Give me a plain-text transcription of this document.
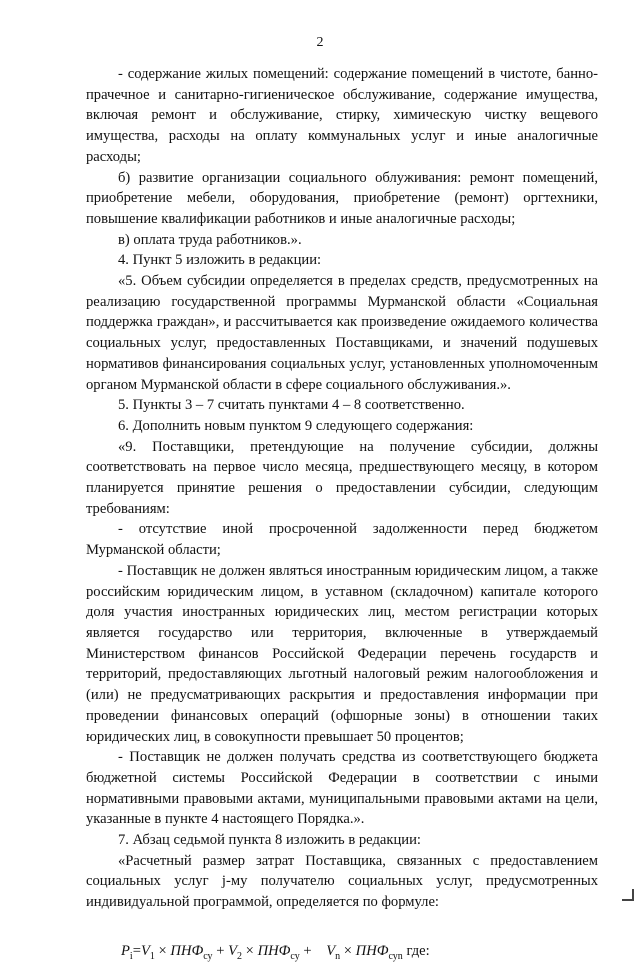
2

- содержание жилых помещений: содержание помещений в чистоте, банно-прачечное и санитарно-гигиеническое обслуживание, содержание имущества, включая ремонт и обслуживание, стирку, химическую чистку вещевого имущества, расходы на оплату коммунальных услуг и иные аналогичные расходы;

б) развитие организации социального облуживания: ремонт помещений, приобретение мебели, оборудования, приобретение (ремонт) оргтехники, повышение квалификации работников и иные аналогичные расходы;

в) оплата труда работников.».

4. Пункт 5 изложить в редакции:

«5. Объем субсидии определяется в пределах средств, предусмотренных на реализацию государственной программы Мурманской области «Социальная поддержка граждан», и рассчитывается как произведение ожидаемого количества социальных услуг, предоставленных Поставщиками, и значений подушевых нормативов финансирования социальных услуг, установленных уполномоченным органом Мурманской области в сфере социального обслуживания.».

5. Пункты 3 – 7 считать пунктами 4 – 8 соответственно.

6. Дополнить новым пунктом 9 следующего содержания:

«9. Поставщики, претендующие на получение субсидии, должны соответствовать на первое число месяца, предшествующего месяцу, в котором планируется принятие решения о предоставлении субсидии, следующим требованиям:

- отсутствие иной просроченной задолженности перед бюджетом Мурманской области;

- Поставщик не должен являться иностранным юридическим лицом, а также российским юридическим лицом, в уставном (складочном) капитале которого доля участия иностранных юридических лиц, местом регистрации которых является государство или территория, включенные в утверждаемый Министерством финансов Российской Федерации перечень государств и территорий, предоставляющих льготный налоговый режим налогообложения и (или) не предусматривающих раскрытия и предоставления информации при проведении финансовых операций (офшорные зоны) в отношении таких юридических лиц, в совокупности превышает 50 процентов;

- Поставщик не должен получать средства из соответствующего бюджета бюджетной системы Российской Федерации в соответствии с иными нормативными правовыми актами, муниципальными правовыми актами на цели, указанные в пункте 4 настоящего Порядка.».

7. Абзац седьмой пункта 8 изложить в редакции:

«Расчетный размер затрат Поставщика, связанных с предоставлением социальных услуг j-му получателю социальных услуг, предусмотренных индивидуальной программой, определяется по формуле:

$P_i=V_1 \times ПНФ_{су} + V_2 \times ПНФ_{су} + V_n \times ПНФ_{суn}$ где:
